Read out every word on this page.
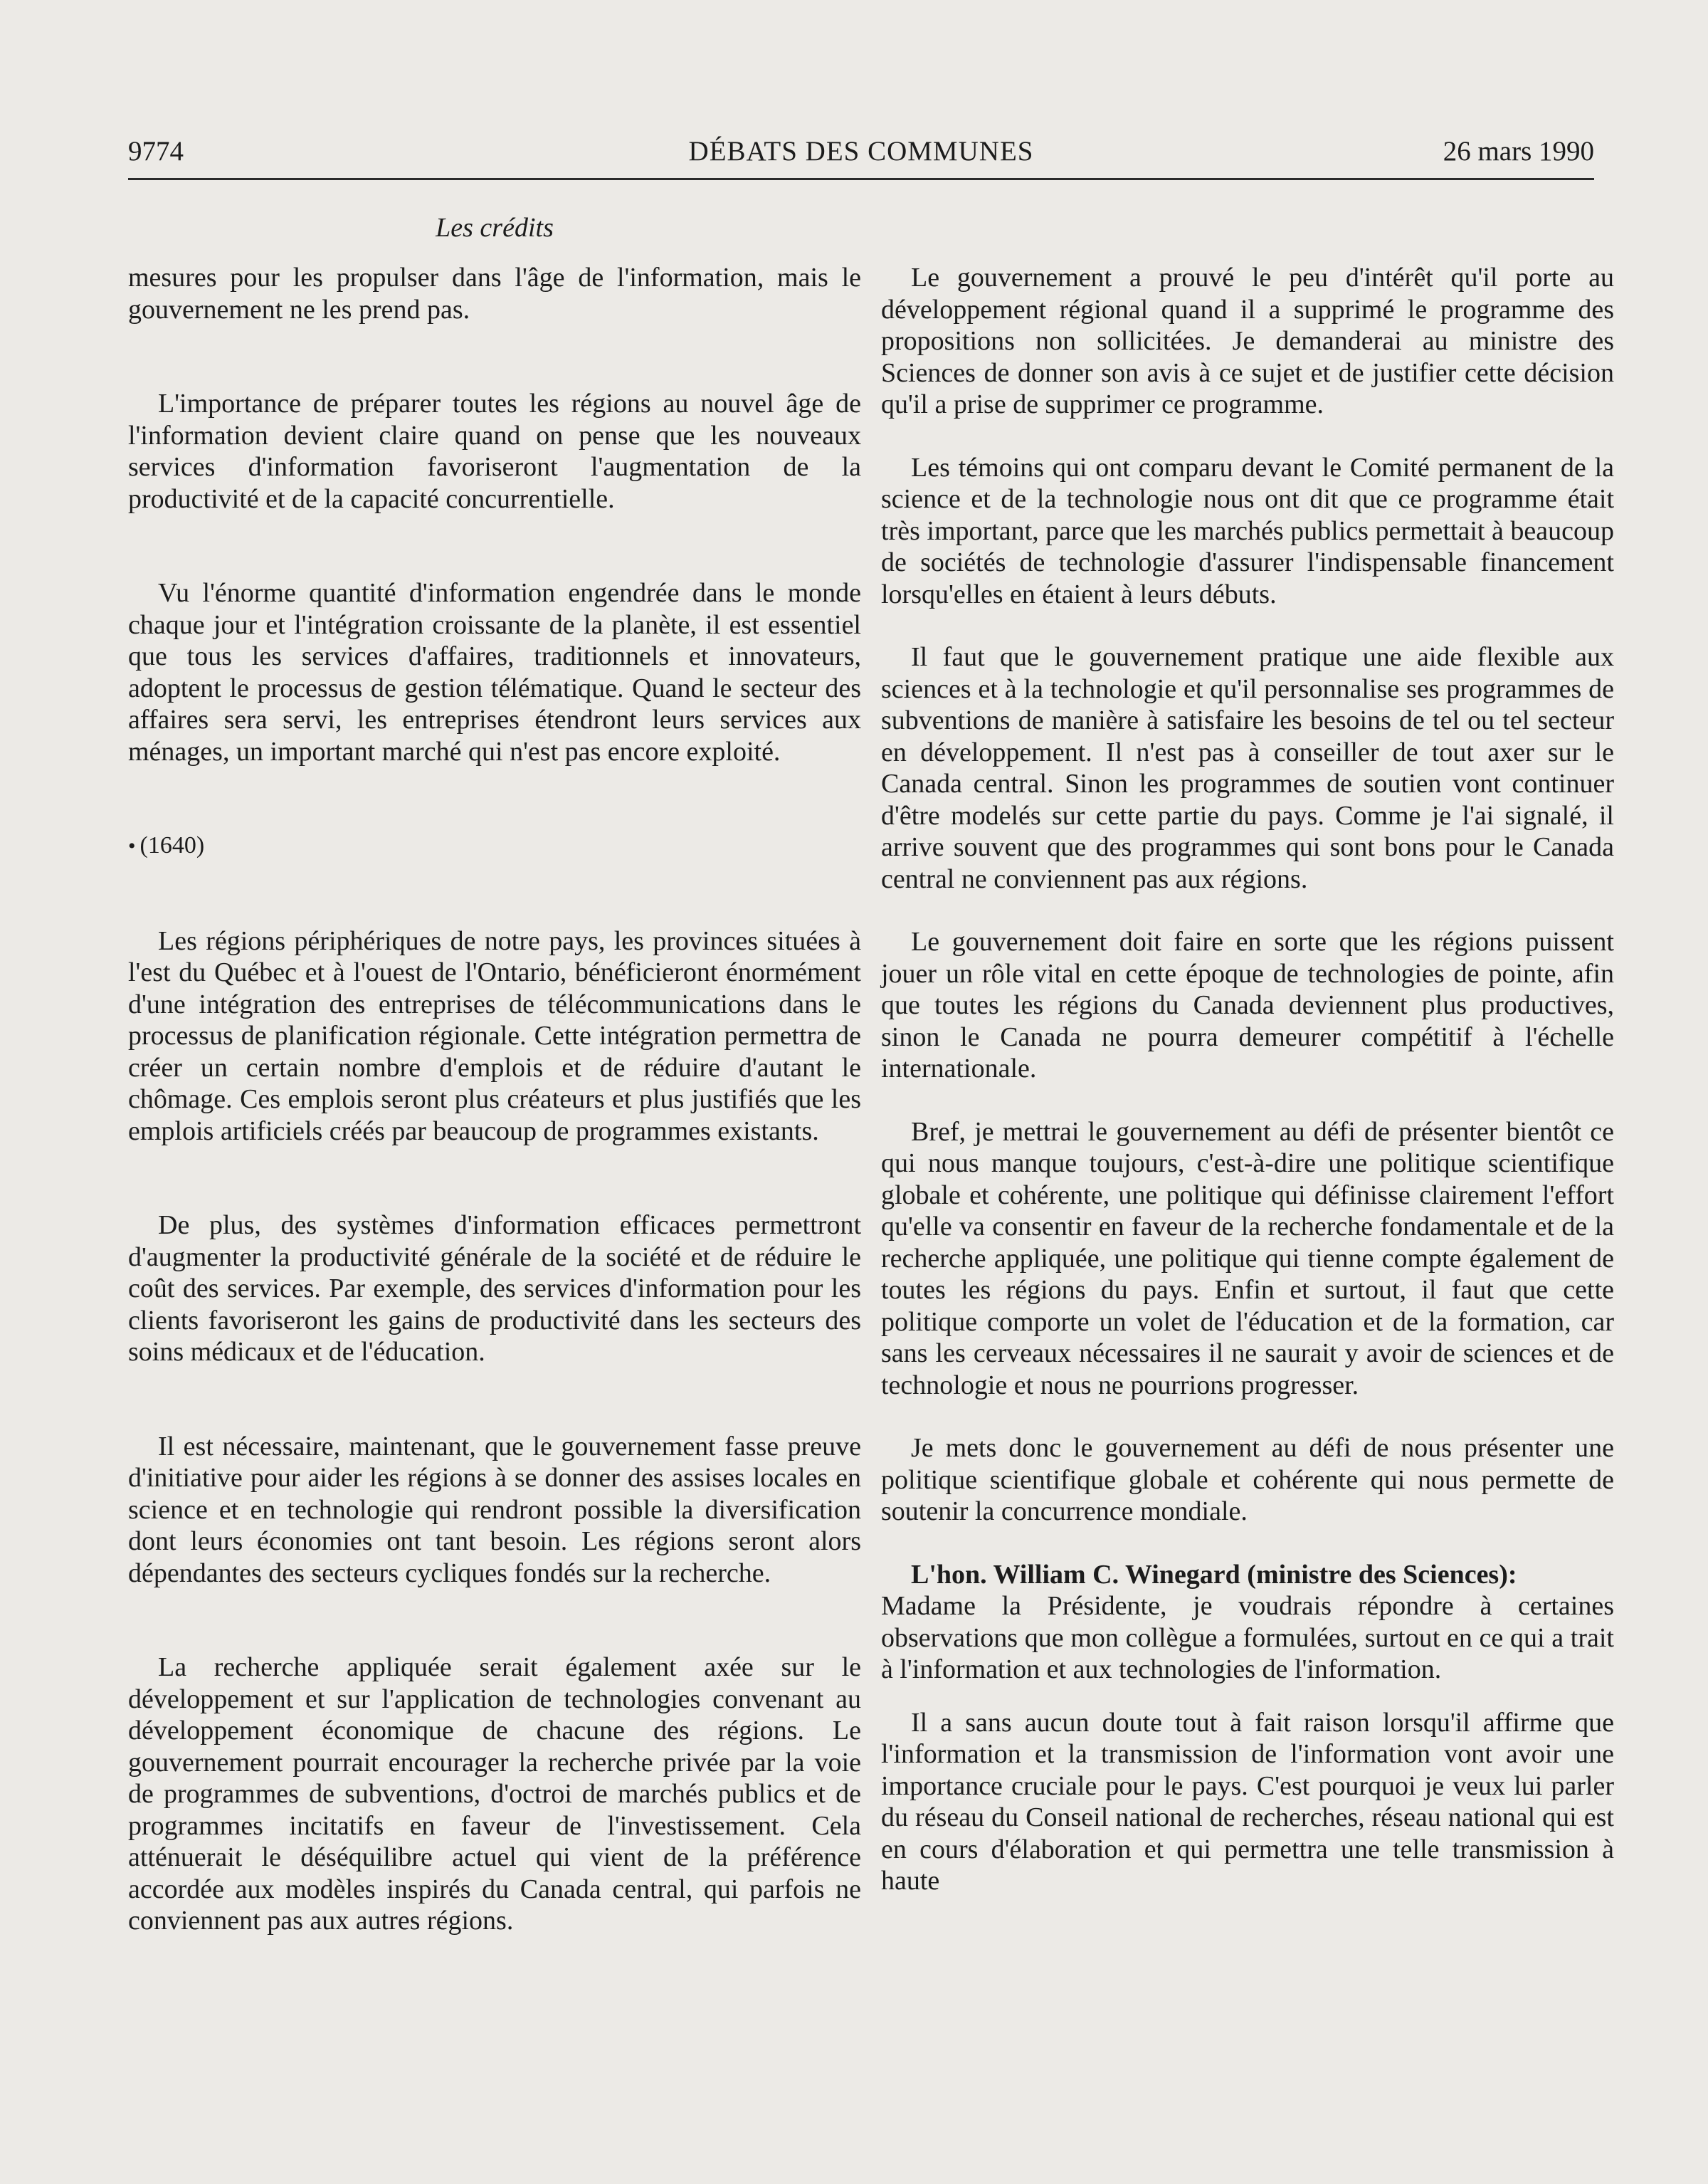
9774	DÉBATS DES COMMUNES	26 mars 1990
Les crédits

mesures pour les propulser dans l'âge de l'information, mais le gouvernement ne les prend pas.

L'importance de préparer toutes les régions au nouvel âge de l'information devient claire quand on pense que les nouveaux services d'information favoriseront l'augmentation de la productivité et de la capacité concurrentielle.

Vu l'énorme quantité d'information engendrée dans le monde chaque jour et l'intégration croissante de la planète, il est essentiel que tous les services d'affaires, traditionnels et innovateurs, adoptent le processus de gestion télématique. Quand le secteur des affaires sera servi, les entreprises étendront leurs services aux ménages, un important marché qui n'est pas encore exploité.

• (1640)

Les régions périphériques de notre pays, les provinces situées à l'est du Québec et à l'ouest de l'Ontario, bénéficieront énormément d'une intégration des entreprises de télécommunications dans le processus de planification régionale. Cette intégration permettra de créer un certain nombre d'emplois et de réduire d'autant le chômage. Ces emplois seront plus créateurs et plus justifiés que les emplois artificiels créés par beaucoup de programmes existants.

De plus, des systèmes d'information efficaces permettront d'augmenter la productivité générale de la société et de réduire le coût des services. Par exemple, des services d'information pour les clients favoriseront les gains de productivité dans les secteurs des soins médicaux et de l'éducation.

Il est nécessaire, maintenant, que le gouvernement fasse preuve d'initiative pour aider les régions à se donner des assises locales en science et en technologie qui rendront possible la diversification dont leurs économies ont tant besoin. Les régions seront alors dépendantes des secteurs cycliques fondés sur la recherche.

La recherche appliquée serait également axée sur le développement et sur l'application de technologies convenant au développement économique de chacune des régions. Le gouvernement pourrait encourager la recherche privée par la voie de programmes de subventions, d'octroi de marchés publics et de programmes incitatifs en faveur de l'investissement. Cela atténuerait le déséquilibre actuel qui vient de la préférence accordée aux modèles inspirés du Canada central, qui parfois ne conviennent pas aux autres régions.

Le gouvernement a prouvé le peu d'intérêt qu'il porte au développement régional quand il a supprimé le programme des propositions non sollicitées. Je demanderai au ministre des Sciences de donner son avis à ce sujet et de justifier cette décision qu'il a prise de supprimer ce programme.

Les témoins qui ont comparu devant le Comité permanent de la science et de la technologie nous ont dit que ce programme était très important, parce que les marchés publics permettait à beaucoup de sociétés de technologie d'assurer l'indispensable financement lorsqu'elles en étaient à leurs débuts.

Il faut que le gouvernement pratique une aide flexible aux sciences et à la technologie et qu'il personnalise ses programmes de subventions de manière à satisfaire les besoins de tel ou tel secteur en développement. Il n'est pas à conseiller de tout axer sur le Canada central. Sinon les programmes de soutien vont continuer d'être modelés sur cette partie du pays. Comme je l'ai signalé, il arrive souvent que des programmes qui sont bons pour le Canada central ne conviennent pas aux régions.

Le gouvernement doit faire en sorte que les régions puissent jouer un rôle vital en cette époque de technologies de pointe, afin que toutes les régions du Canada deviennent plus productives, sinon le Canada ne pourra demeurer compétitif à l'échelle internationale.

Bref, je mettrai le gouvernement au défi de présenter bientôt ce qui nous manque toujours, c'est-à-dire une politique scientifique globale et cohérente, une politique qui définisse clairement l'effort qu'elle va consentir en faveur de la recherche fondamentale et de la recherche appliquée, une politique qui tienne compte également de toutes les régions du pays. Enfin et surtout, il faut que cette politique comporte un volet de l'éducation et de la formation, car sans les cerveaux nécessaires il ne saurait y avoir de sciences et de technologie et nous ne pourrions progresser.

Je mets donc le gouvernement au défi de nous présenter une politique scientifique globale et cohérente qui nous permette de soutenir la concurrence mondiale.

L'hon. William C. Winegard (ministre des Sciences):

Madame la Présidente, je voudrais répondre à certaines observations que mon collègue a formulées, surtout en ce qui a trait à l'information et aux technologies de l'information.

Il a sans aucun doute tout à fait raison lorsqu'il affirme que l'information et la transmission de l'information vont avoir une importance cruciale pour le pays. C'est pourquoi je veux lui parler du réseau du Conseil national de recherches, réseau national qui est en cours d'élaboration et qui permettra une telle transmission à haute
